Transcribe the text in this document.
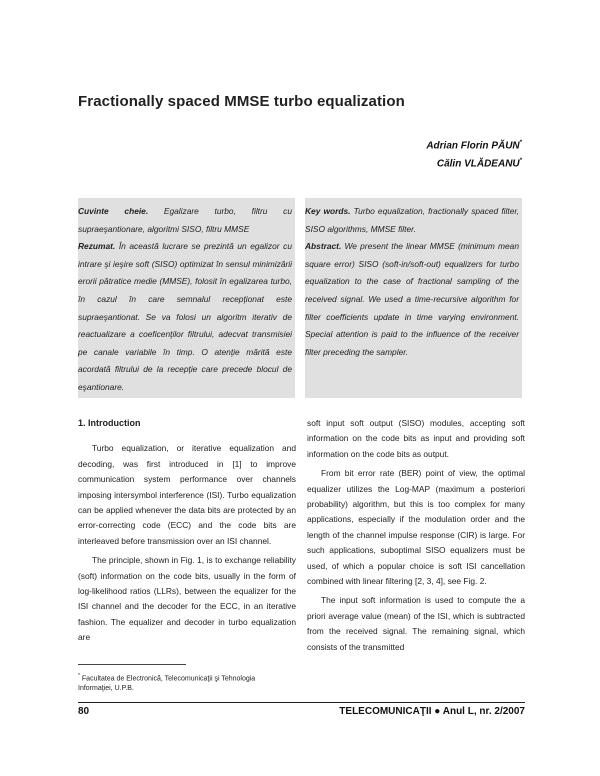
Fractionally spaced MMSE turbo equalization
Adrian Florin PĂUN*
Călin VLĂDEANU*

Cuvinte cheie. Egalizare turbo, filtru cu supraeşantionare, algoritmi SISO, filtru MMSE

Rezumat. În această lucrare se prezintă un egalizor cu intrare şi ieşire soft (SISO) optimizat în sensul minimizării erorii pătratice medie (MMSE), folosit în egalizarea turbo, în cazul în care semnalul recepţionat este supraeşantionat. Se va folosi un algoritm iterativ de reactualizare a coeficenţilor filtrului, adecvat transmisiei pe canale variabile în timp. O atenţie mărită este acordată filtrului de la recepţie care precede blocul de eşantionare.

Key words. Turbo equalization, fractionally spaced filter, SISO algorithms, MMSE filter.

Abstract. We present the linear MMSE (minimum mean square error) SISO (soft-in/soft-out) equalizers for turbo equalization to the case of fractional sampling of the received signal. We used a time-recursive algorithm for filter coefficients update in time varying environment. Special attention is paid to the influence of the receiver filter preceding the sampler.

1. Introduction

Turbo equalization, or iterative equalization and decoding, was first introduced in [1] to improve communication system performance over channels imposing intersymbol interference (ISI). Turbo equalization can be applied whenever the data bits are protected by an error-correcting code (ECC) and the code bits are interleaved before transmission over an ISI channel.

The principle, shown in Fig. 1, is to exchange reliability (soft) information on the code bits, usually in the form of log-likelihood ratios (LLRs), between the equalizer for the ISI channel and the decoder for the ECC, in an iterative fashion. The equalizer and decoder in turbo equalization are

soft input soft output (SISO) modules, accepting soft information on the code bits as input and providing soft information on the code bits as output.

From bit error rate (BER) point of view, the optimal equalizer utilizes the Log-MAP (maximum a posteriori probability) algorithm, but this is too complex for many applications, especially if the modulation order and the length of the channel impulse response (CIR) is large. For such applications, suboptimal SISO equalizers must be used, of which a popular choice is soft ISI cancellation combined with linear filtering [2, 3, 4], see Fig. 2.

The input soft information is used to compute the a priori average value (mean) of the ISI, which is subtracted from the received signal. The remaining signal, which consists of the transmitted

* Facultatea de Electronică, Telecomunicaţii şi Tehnologia Informaţiei, U.P.B.
80	TELECOMUNICAŢII ● Anul L, nr. 2/2007
